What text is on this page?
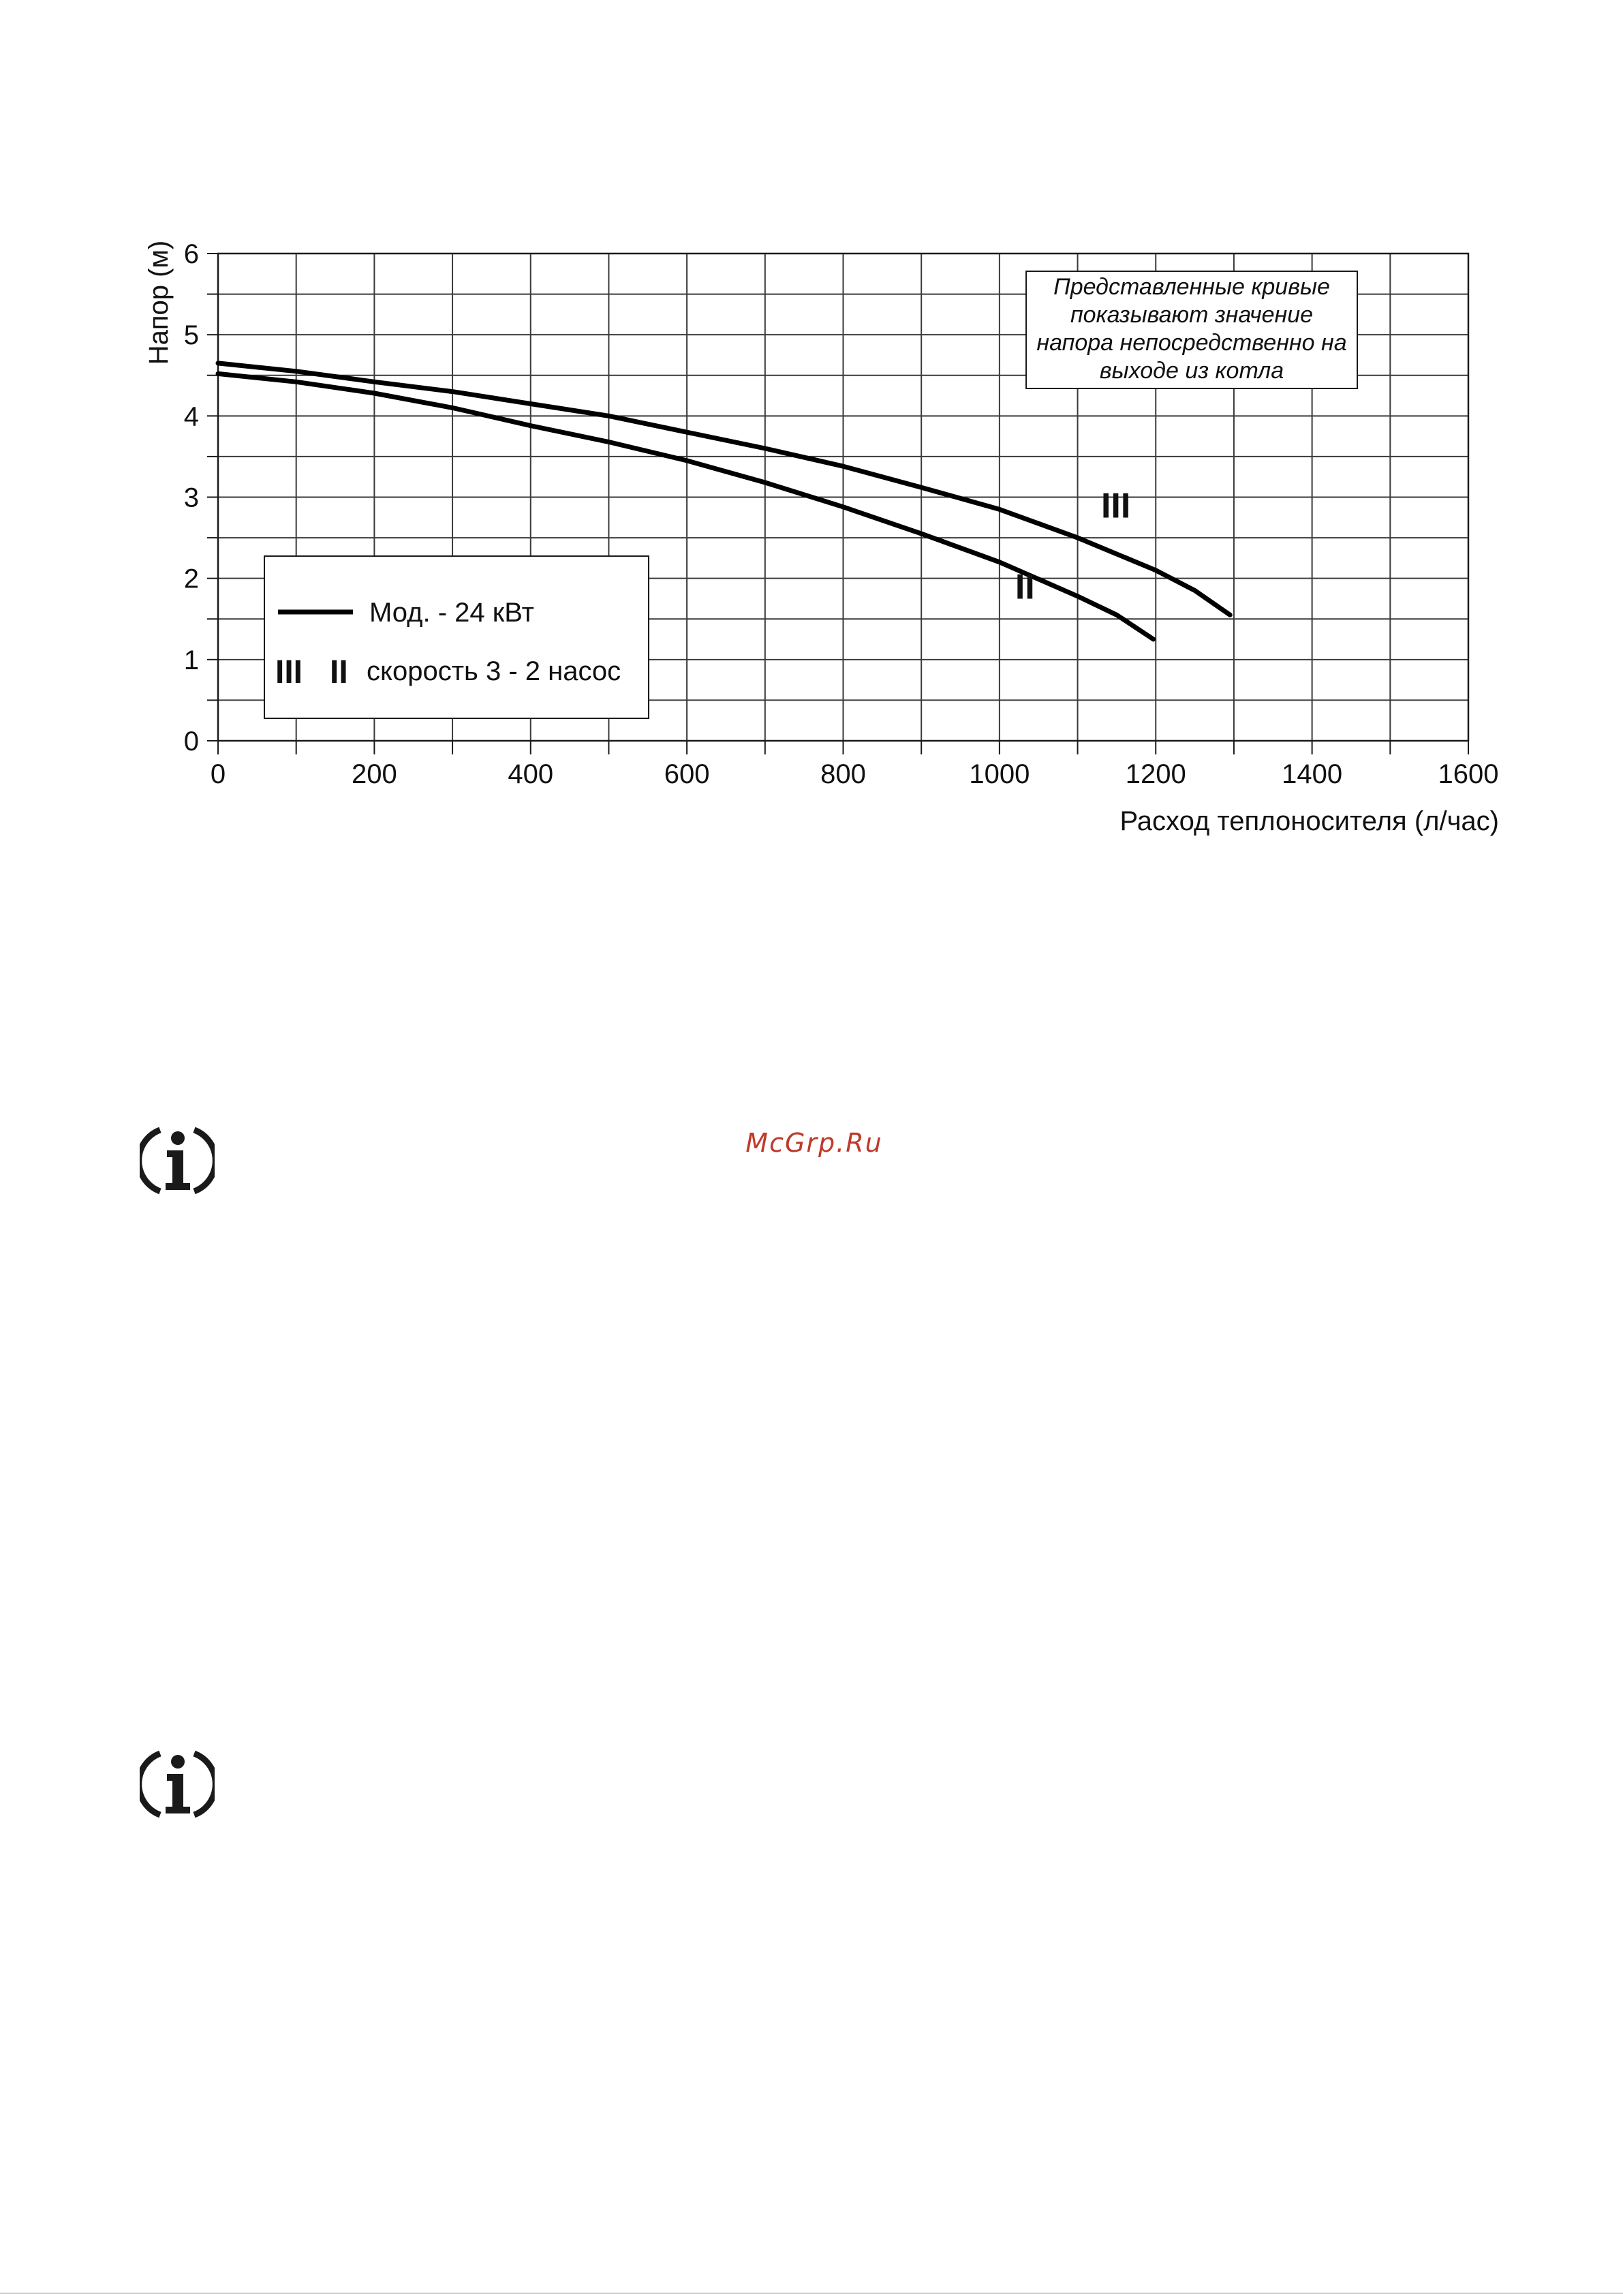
0	200	400	600	800	1000	1200	1400	1600
0
1
2
3
4
5
6
Расход теплоносителя (л/час)
Напор (м)	Представленные кривые
показывают значение
напора непосредственно на
выходе из котла
III
II
Мод. - 24 кВт
III II скорость 3 - 2 насос
McGrp.Ru
